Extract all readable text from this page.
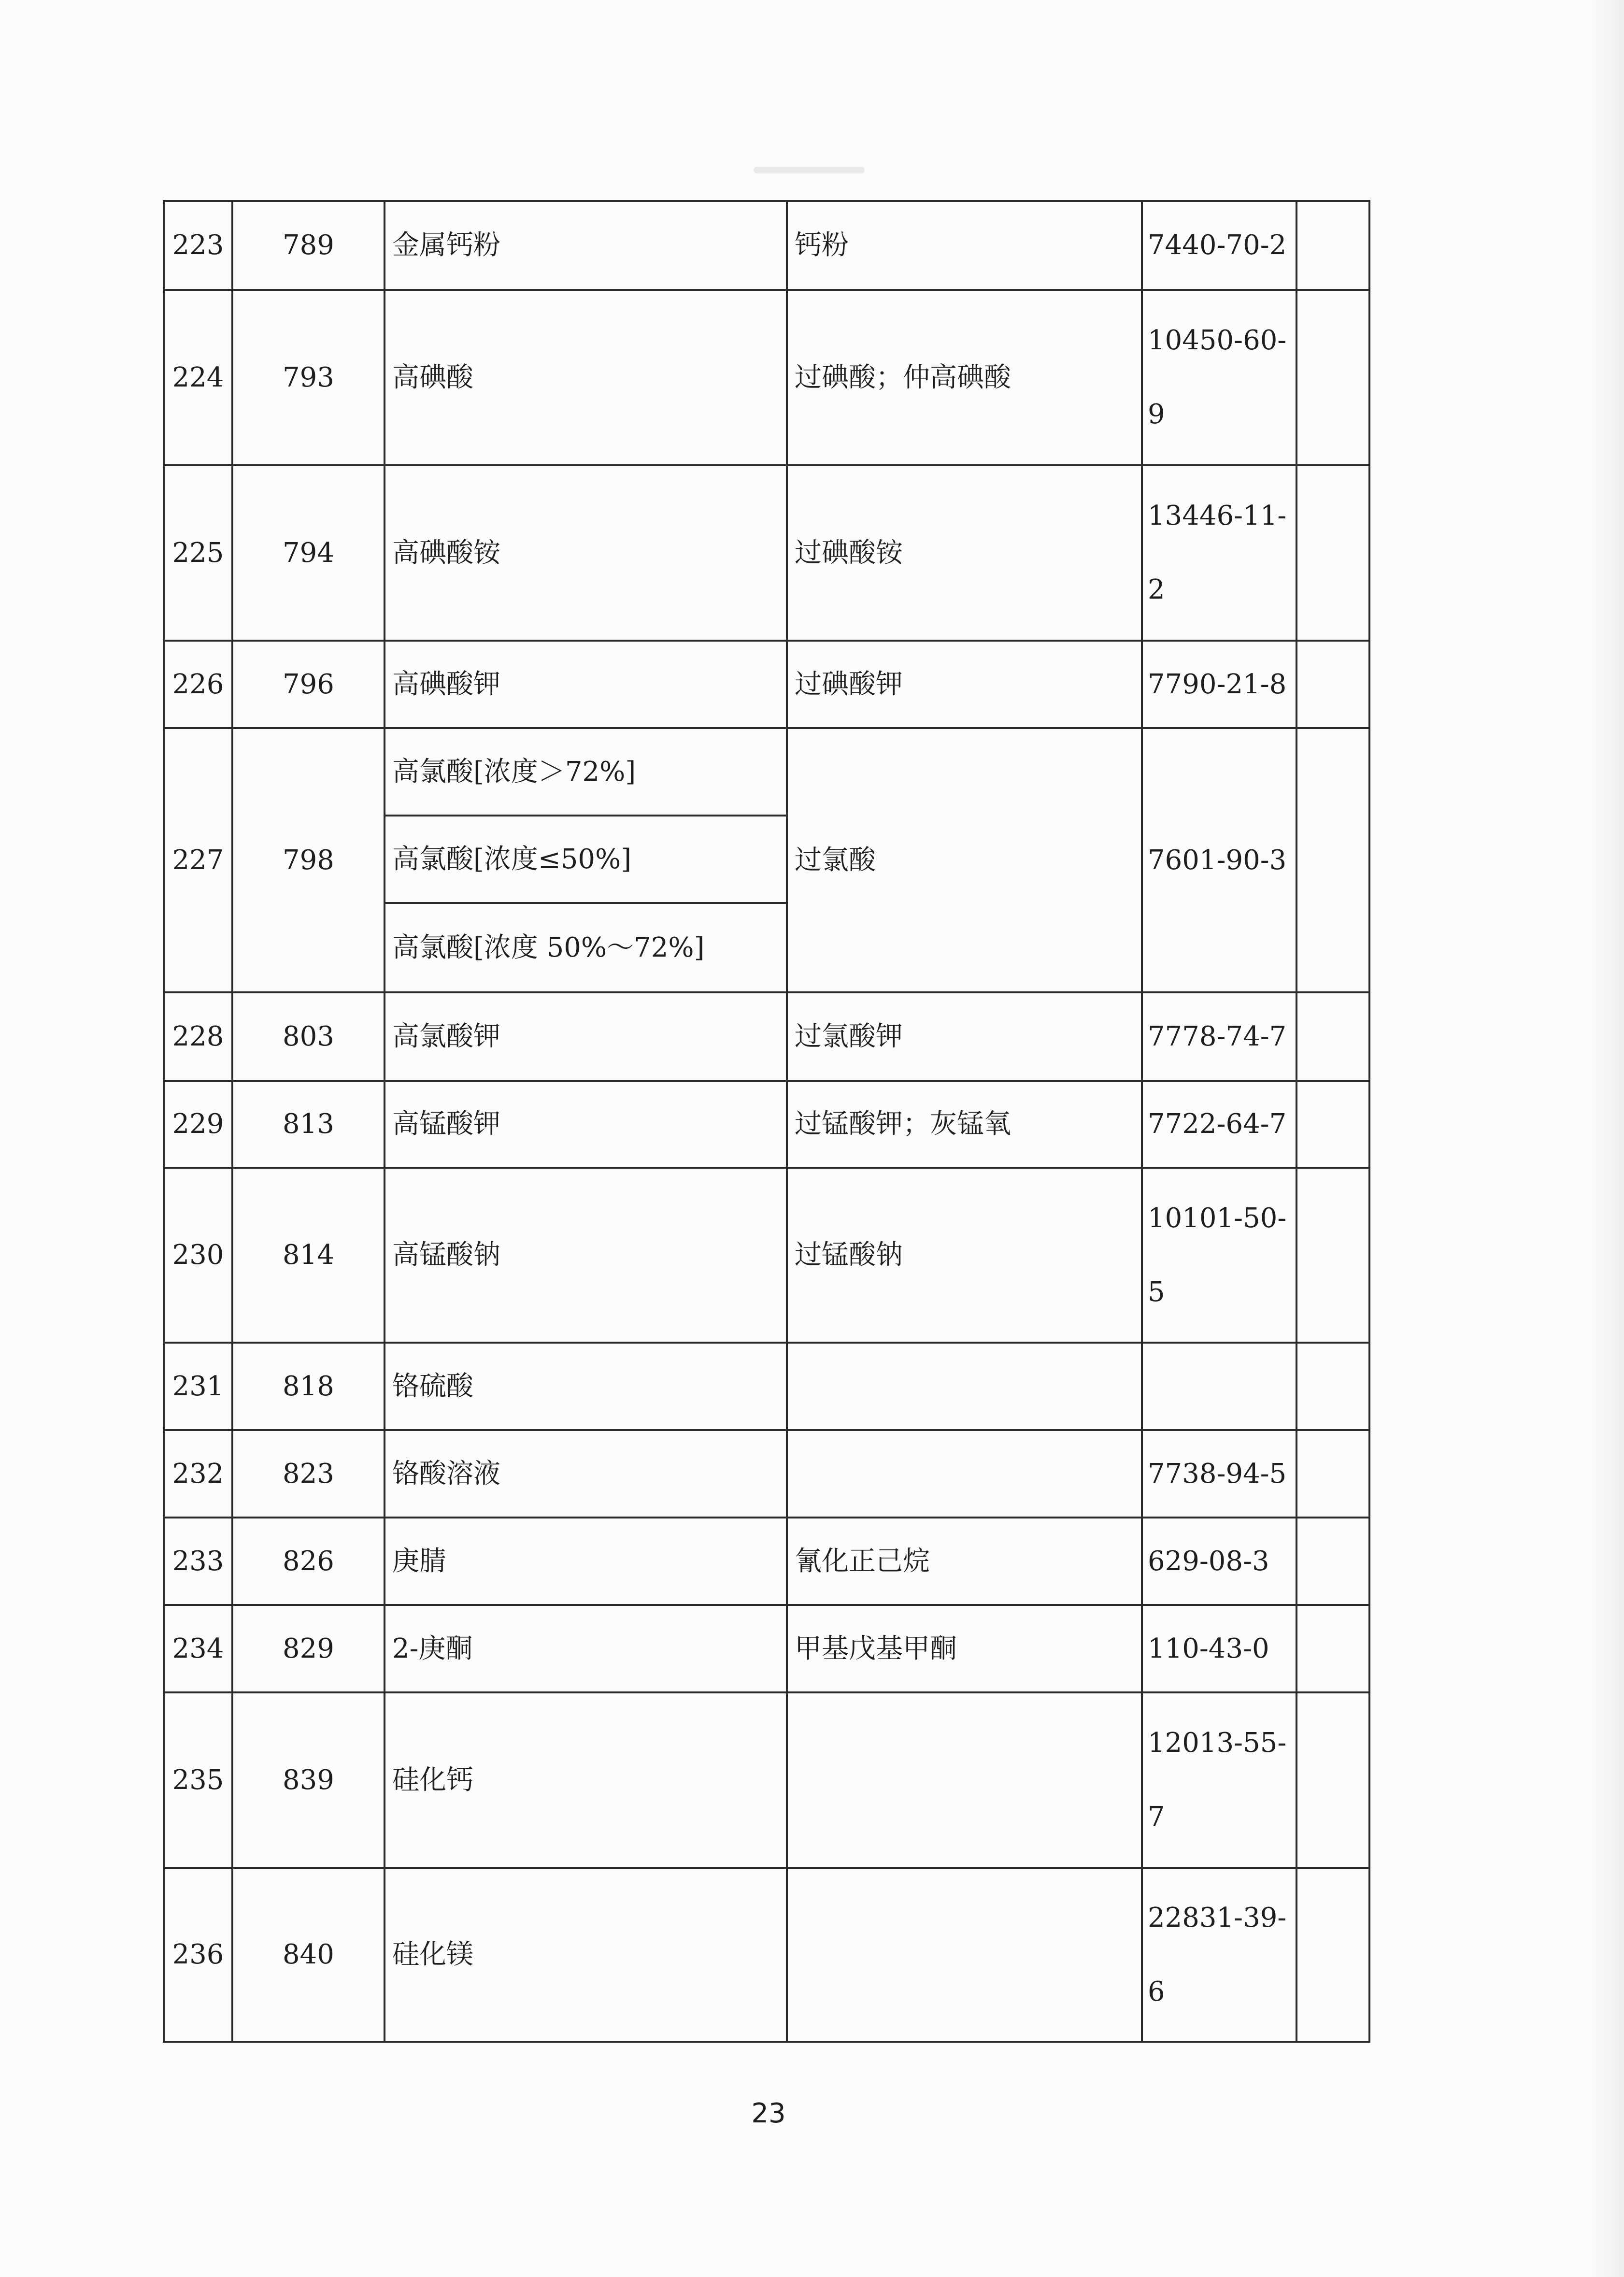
223	789	金属钙粉	钙粉	7440-70-2	
224	793	高碘酸	过碘酸；仲高碘酸	10450-60-
9	

225	794	高碘酸铵	过碘酸铵	13446-11-
2	

226	796	高碘酸钾	过碘酸钾	7790-21-8	
227	798	高氯酸[浓度＞72%]	过氯酸	7601-90-3	
		高氯酸[浓度≤50%]			
		高氯酸[浓度 50%～72%]			
228	803	高氯酸钾	过氯酸钾	7778-74-7	
229	813	高锰酸钾	过锰酸钾；灰锰氧	7722-64-7	
230	814	高锰酸钠	过锰酸钠	10101-50-
5	

231	818	铬硫酸			
232	823	铬酸溶液		7738-94-5	
233	826	庚腈	氰化正己烷	629-08-3	
234	829	2-庚酮	甲基戊基甲酮	110-43-0	
235	839	硅化钙		12013-55-
7	

236	840	硅化镁		22831-39-
6	

23
